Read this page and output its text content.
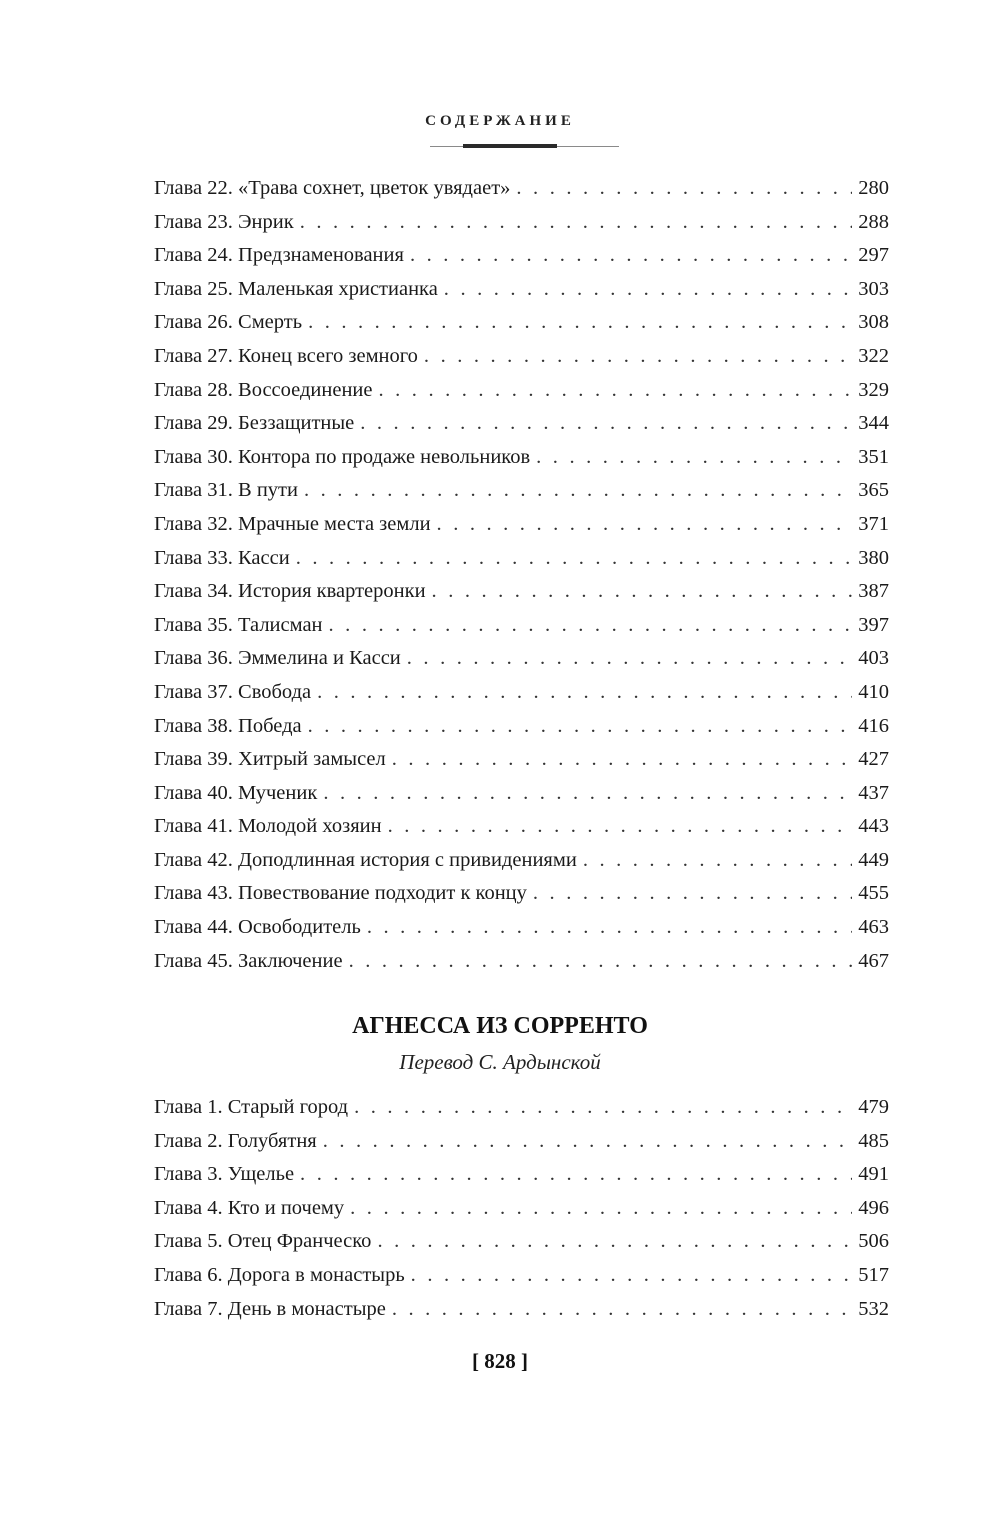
СОДЕРЖАНИЕ
Глава 22. «Трава сохнет, цветок увядает» . . .	280
Глава 23. Энрик . . .	288
Глава 24. Предзнаменования . . .	297
Глава 25. Маленькая христианка . . .	303
Глава 26. Смерть . . .	308
Глава 27. Конец всего земного . . .	322
Глава 28. Воссоединение . . .	329
Глава 29. Беззащитные . . .	344
Глава 30. Контора по продаже невольников . . .	351
Глава 31. В пути . . .	365
Глава 32. Мрачные места земли . . .	371
Глава 33. Касси . . .	380
Глава 34. История квартеронки . . .	387
Глава 35. Талисман . . .	397
Глава 36. Эммелина и Касси . . .	403
Глава 37. Свобода . . .	410
Глава 38. Победа . . .	416
Глава 39. Хитрый замысел . . .	427
Глава 40. Мученик . . .	437
Глава 41. Молодой хозяин . . .	443
Глава 42. Доподлинная история с привидениями . . .	449
Глава 43. Повествование подходит к концу . . .	455
Глава 44. Освободитель . . .	463
Глава 45. Заключение . . .	467
АГНЕССА ИЗ СОРРЕНТО
Перевод С. Ардынской
Глава 1. Старый город . . .	479
Глава 2. Голубятня . . .	485
Глава 3. Ущелье . . .	491
Глава 4. Кто и почему . . .	496
Глава 5. Отец Франческо . . .	506
Глава 6. Дорога в монастырь . . .	517
Глава 7. День в монастыре . . .	532
[ 828 ]
